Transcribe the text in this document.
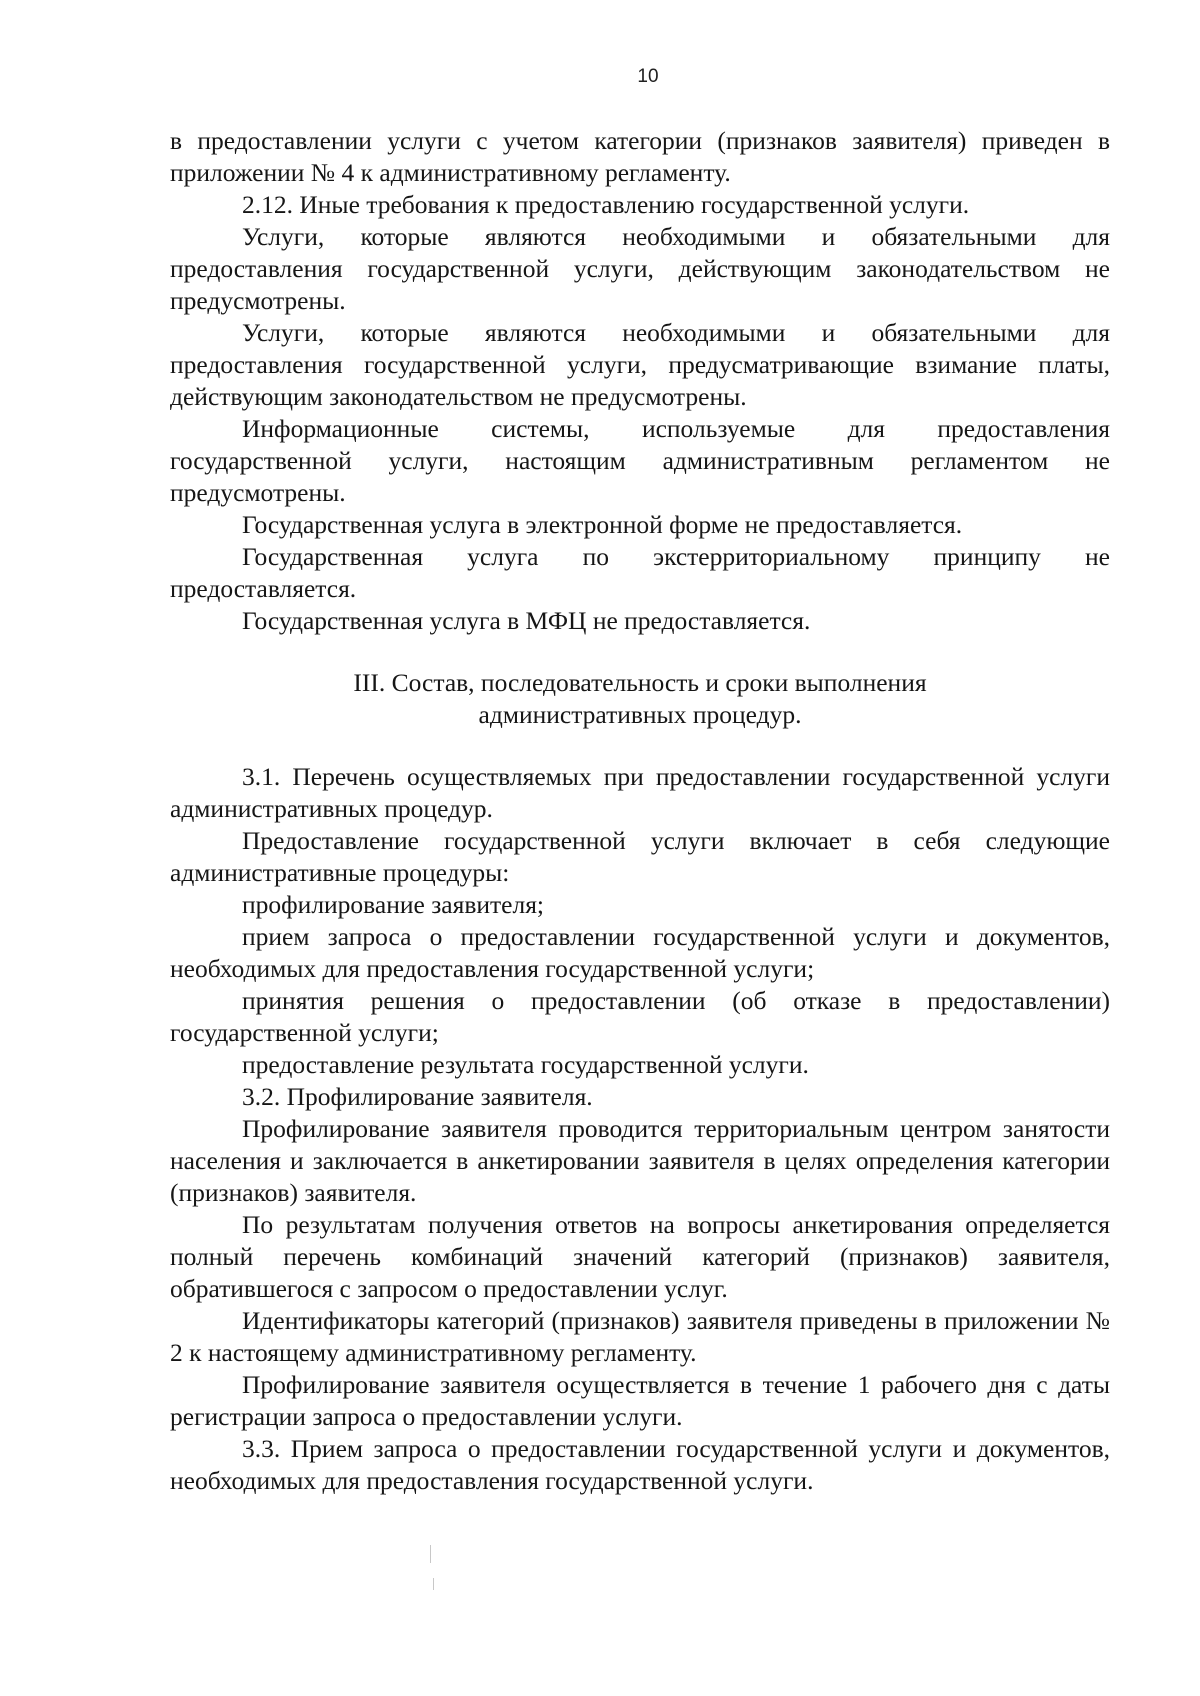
10

в предоставлении услуги с учетом категории (признаков заявителя) приведен в приложении № 4 к административному регламенту.

2.12. Иные требования к предоставлению государственной услуги.

Услуги, которые являются необходимыми и обязательными для предоставления государственной услуги, действующим законодательством не предусмотрены.

Услуги, которые являются необходимыми и обязательными для предоставления государственной услуги, предусматривающие взимание платы, действующим законодательством не предусмотрены.

Информационные системы, используемые для предоставления государственной услуги, настоящим административным регламентом не предусмотрены.

Государственная услуга в электронной форме не предоставляется.

Государственная услуга по экстерриториальному принципу не предоставляется.

Государственная услуга в МФЦ не предоставляется.

III. Состав, последовательность и сроки выполнения
административных процедур.

3.1. Перечень осуществляемых при предоставлении государственной услуги административных процедур.

Предоставление государственной услуги включает в себя следующие административные процедуры:

профилирование заявителя;

прием запроса о предоставлении государственной услуги и документов, необходимых для предоставления государственной услуги;

принятия решения о предоставлении (об отказе в предоставлении) государственной услуги;

предоставление результата государственной услуги.

3.2. Профилирование заявителя.

Профилирование заявителя проводится территориальным центром занятости населения и заключается в анкетировании заявителя в целях определения категории (признаков) заявителя.

По результатам получения ответов на вопросы анкетирования определяется полный перечень комбинаций значений категорий (признаков) заявителя, обратившегося с запросом о предоставлении услуг.

Идентификаторы категорий (признаков) заявителя приведены в приложении № 2 к настоящему административному регламенту.

Профилирование заявителя осуществляется в течение 1 рабочего дня с даты регистрации запроса о предоставлении услуги.

3.3. Прием запроса о предоставлении государственной услуги и документов, необходимых для предоставления государственной услуги.
